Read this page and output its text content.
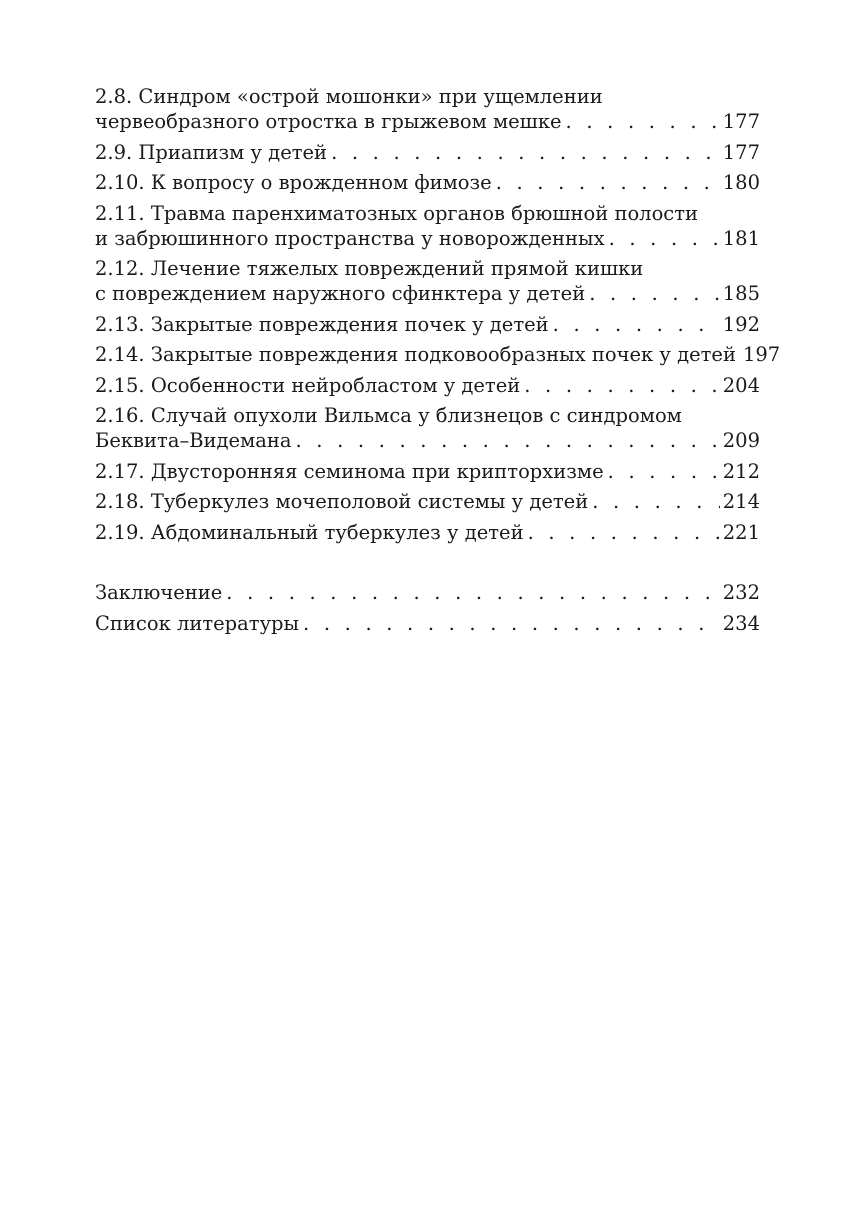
2.8. Синдром «острой мошонки» при ущемлении
червеобразного отростка в грыжевом мешке . . .	177
2.9. Приапизм у детей . . .	177
2.10. К вопросу о врожденном фимозе . . .	180
2.11. Травма паренхиматозных органов брюшной полости
и забрюшинного пространства у новорожденных . . .	181
2.12. Лечение тяжелых повреждений прямой кишки
с повреждением наружного сфинктера у детей . . .	185
2.13. Закрытые повреждения почек у детей . . .	192
2.14. Закрытые повреждения подковообразных почек у детей 197
2.15. Особенности нейробластом у детей . . .	204
2.16. Случай опухоли Вильмса у близнецов с синдромом
Беквита–Видемана . . .	209
2.17. Двусторонняя семинома при крипторхизме . . .	212
2.18. Туберкулез мочеполовой системы у детей . . .	214
2.19. Абдоминальный туберкулез у детей . . .	221
Заключение . . .	232
Список литературы . . .	234
